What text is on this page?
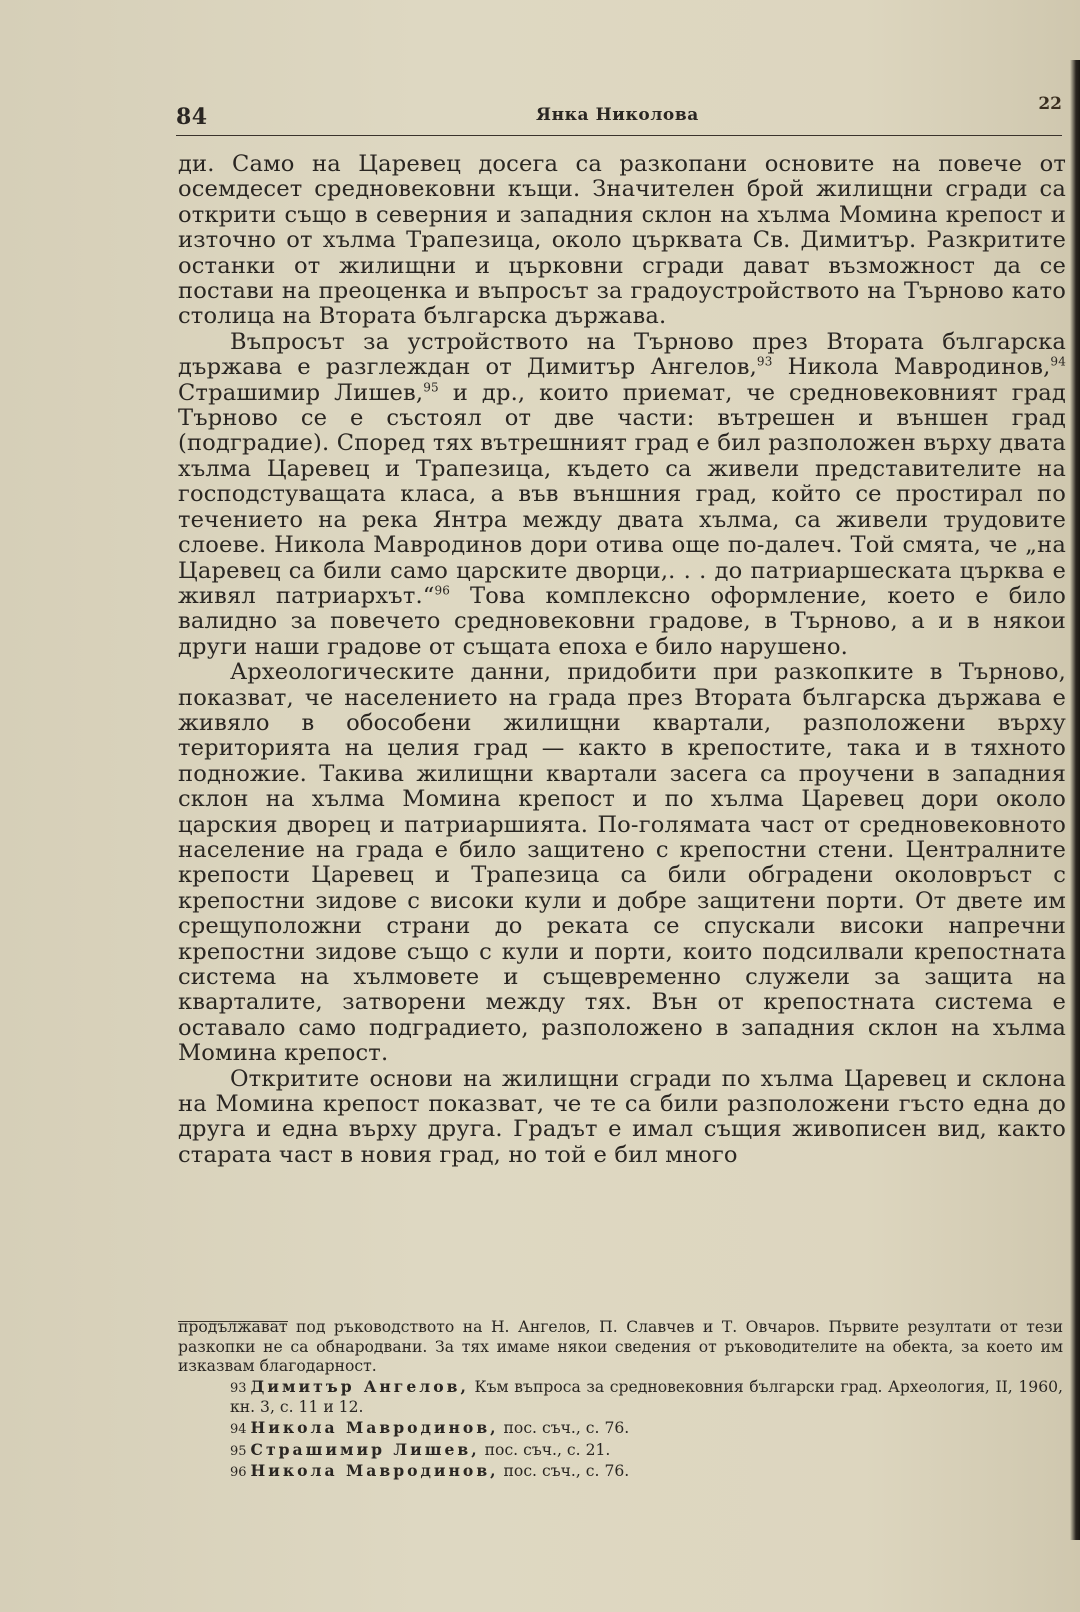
84	Янка Николова
22

ди. Само на Царевец досега са разкопани основите на повече от осемдесет средновековни къщи. Значителен брой жилищни сгради са открити също в северния и западния склон на хълма Момина крепост и източно от хълма Трапезица, около църквата Св. Димитър. Разкритите останки от жилищни и църковни сгради дават възможност да се постави на преоценка и въпросът за градоустройството на Търново като столица на Втората българска държава.

Въпросът за устройството на Търново през Втората българска държава е разглеждан от Димитър Ангелов,$^{93}$ Никола Мавродинов,$^{94}$ Страшимир Лишев,$^{95}$ и др., които приемат, че средновековният град Търново се е състоял от две части: вътрешен и външен град (подградие). Според тях вътрешният град е бил разположен върху двата хълма Царевец и Трапезица, където са живели представителите на господстуващата класа, а във външния град, който се простирал по течението на река Янтра между двата хълма, са живели трудовите слоеве. Никола Мавродинов дори отива още по-далеч. Той смята, че „на Царевец са били само царските дворци,. . . до патриаршеската църква е живял патриархът.“$^{96}$ Това комплексно оформление, което е било валидно за повечето средновековни градове, в Търново, а и в някои други наши градове от същата епоха е било нарушено.

Археологическите данни, придобити при разкопките в Търново, показват, че населението на града през Втората българска държава е живяло в обособени жилищни квартали, разположени върху територията на целия град — както в крепостите, така и в тяхното подножие. Такива жилищни квартали засега са проучени в западния склон на хълма Момина крепост и по хълма Царевец дори около царския дворец и патриаршията. По-голямата част от средновековното население на града е било защитено с крепостни стени. Централните крепости Царевец и Трапезица са били обградени околовръст с крепостни зидове с високи кули и добре защитени порти. От двете им срещуположни страни до реката се спускали високи напречни крепостни зидове също с кули и порти, които подсилвали крепостната система на хълмовете и същевременно служели за защита на кварталите, затворени между тях. Вън от крепостната система е оставало само подградието, разположено в западния склон на хълма Момина крепост.

Откритите основи на жилищни сгради по хълма Царевец и склона на Момина крепост показват, че те са били разположени гъсто една до друга и една върху друга. Градът е имал същия живописен вид, както старата част в новия град, но той е бил много

продължават под ръководството на Н. Ангелов, П. Славчев и Т. Овчаров. Първите резултати от тези разкопки не са обнародвани. За тях имаме някои сведения от ръководителите на обекта, за което им изказвам благодарност.

93 Димитър Ангелов, Към въпроса за средновековния български град. Археология, II, 1960, кн. 3, с. 11 и 12.

94 Никола Мавродинов, пос. съч., с. 76.

95 Страшимир Лишев, пос. съч., с. 21.

96 Никола Мавродинов, пос. съч., с. 76.
